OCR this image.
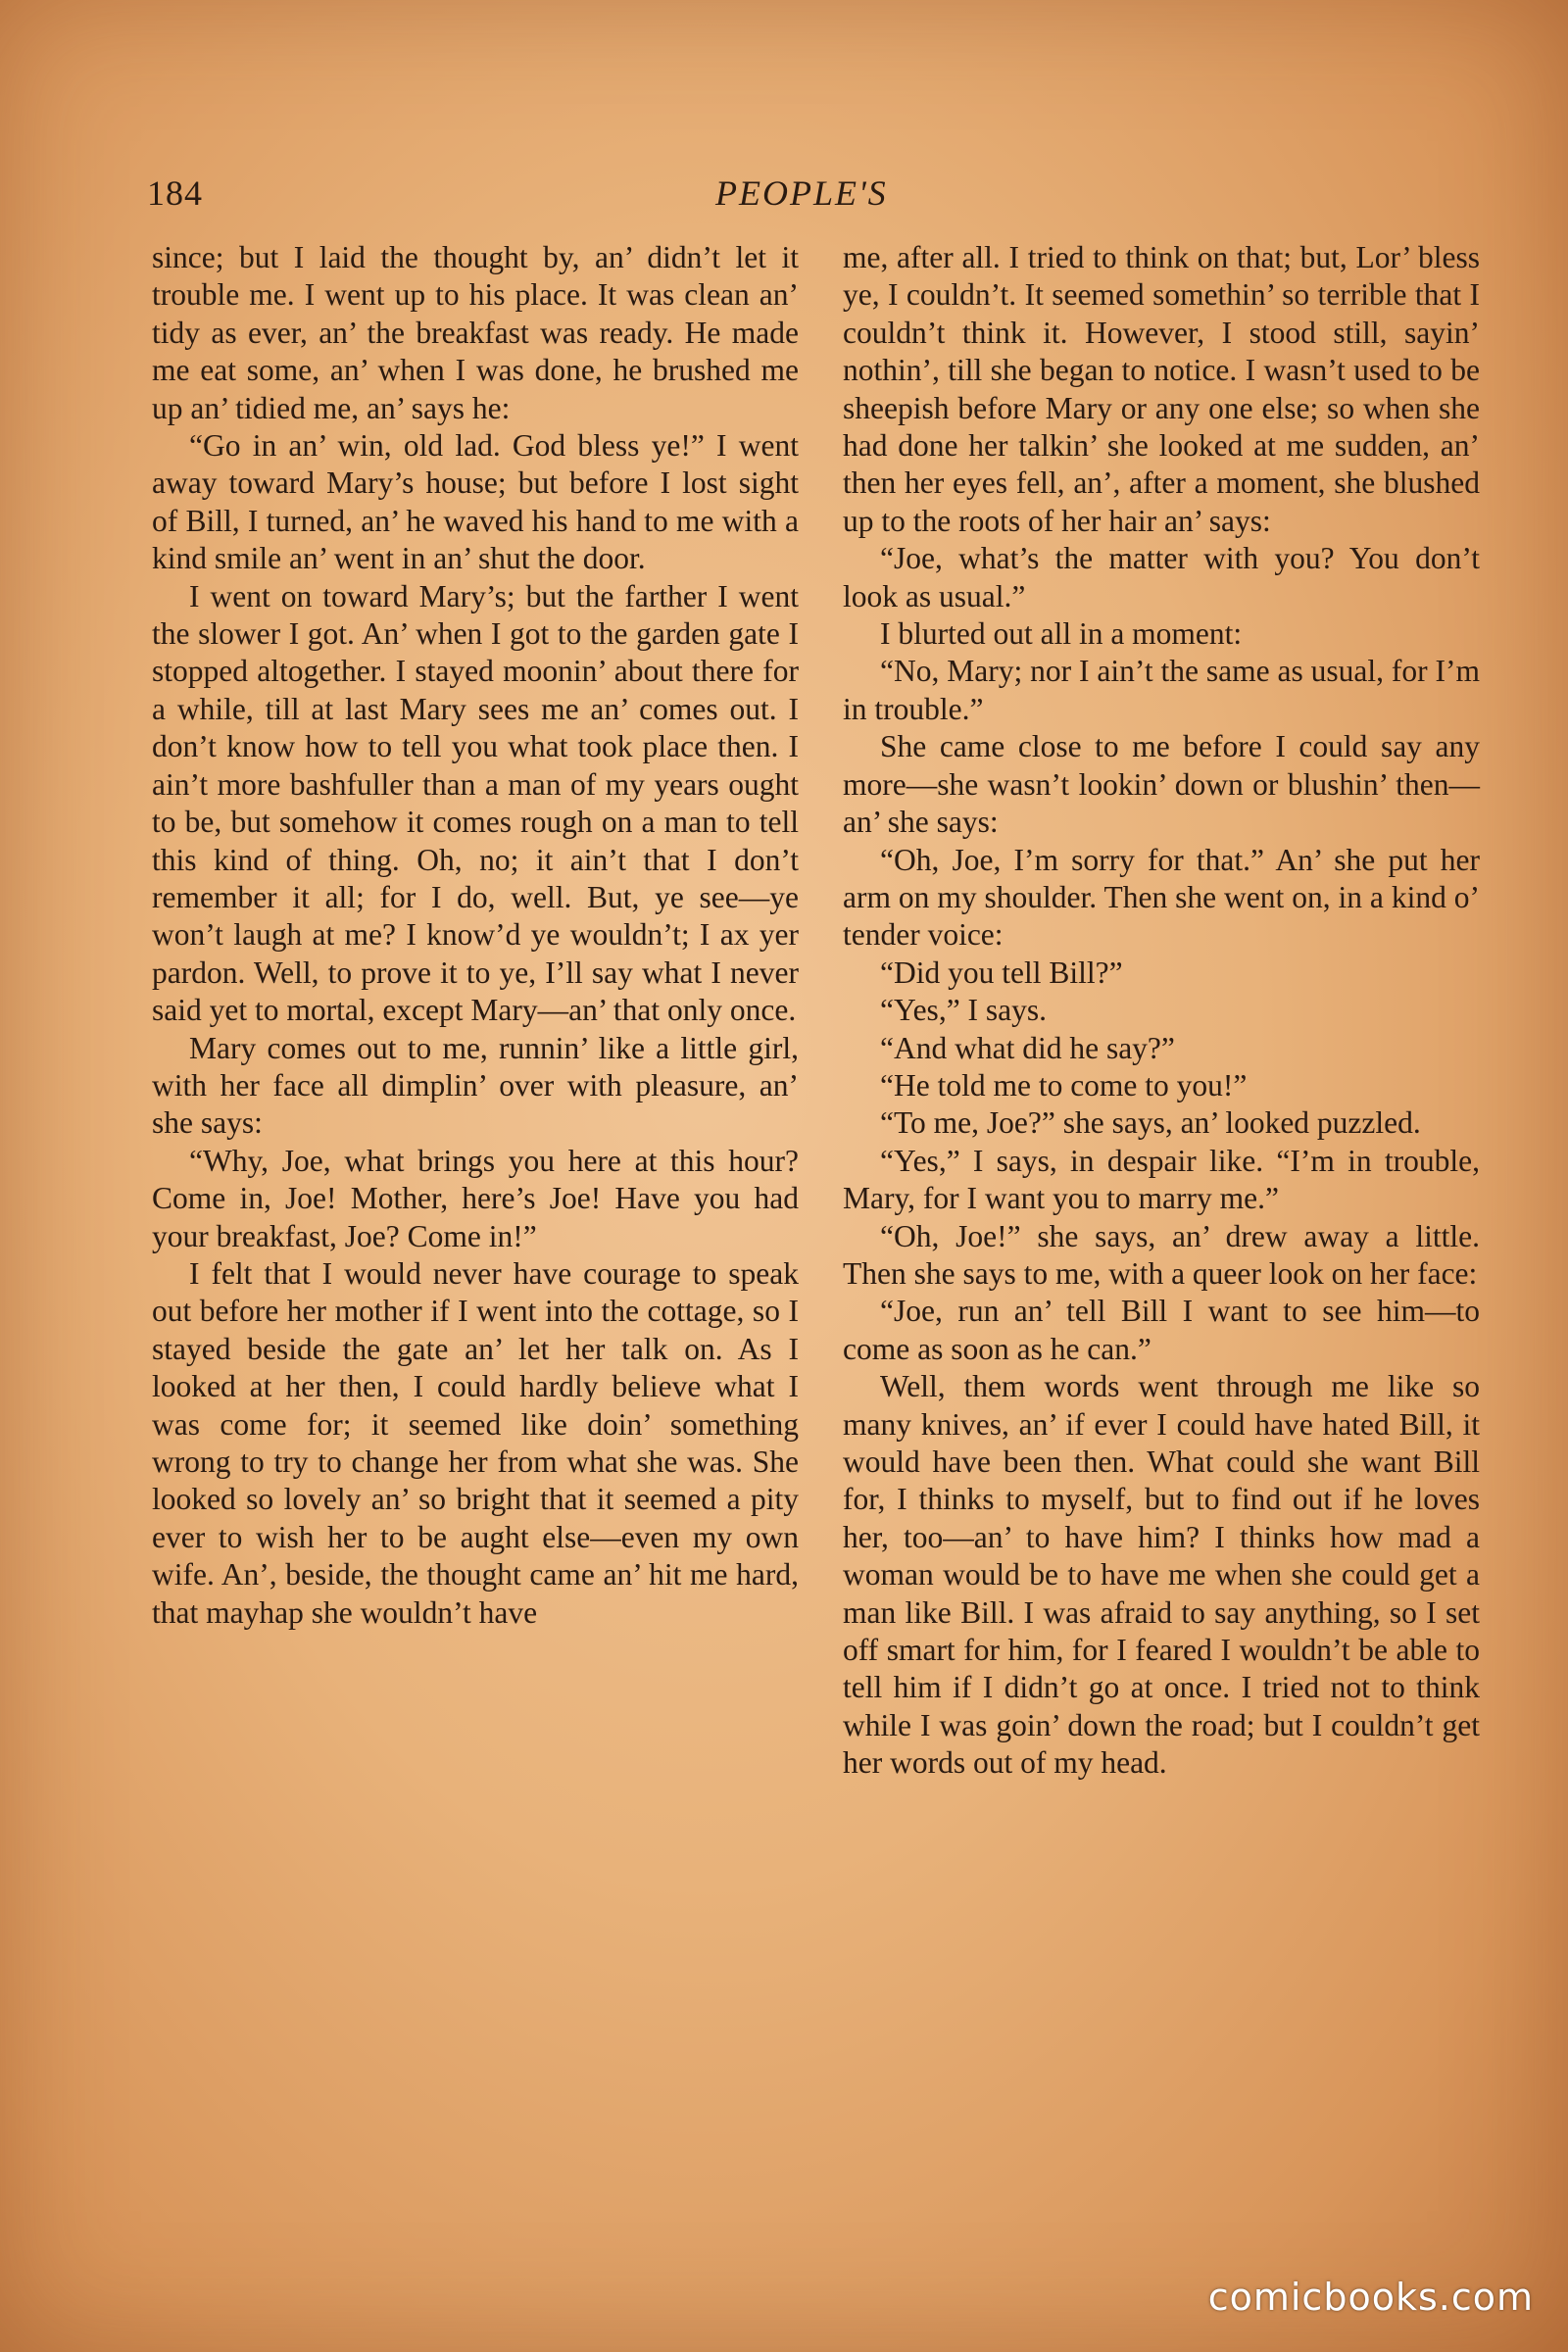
184	PEOPLE'S

since; but I laid the thought by, an’ didn’t let it trouble me. I went up to his place. It was clean an’ tidy as ever, an’ the breakfast was ready. He made me eat some, an’ when I was done, he brushed me up an’ tidied me, an’ says he:

“Go in an’ win, old lad. God bless ye!” I went away toward Mary’s house; but before I lost sight of Bill, I turned, an’ he waved his hand to me with a kind smile an’ went in an’ shut the door.

I went on toward Mary’s; but the farther I went the slower I got. An’ when I got to the garden gate I stopped altogether. I stayed moonin’ about there for a while, till at last Mary sees me an’ comes out. I don’t know how to tell you what took place then. I ain’t more bashfuller than a man of my years ought to be, but somehow it comes rough on a man to tell this kind of thing. Oh, no; it ain’t that I don’t remember it all; for I do, well. But, ye see—ye won’t laugh at me? I know’d ye wouldn’t; I ax yer pardon. Well, to prove it to ye, I’ll say what I never said yet to mortal, except Mary—an’ that only once.

Mary comes out to me, runnin’ like a little girl, with her face all dimplin’ over with pleasure, an’ she says:

“Why, Joe, what brings you here at this hour? Come in, Joe! Mother, here’s Joe! Have you had your breakfast, Joe? Come in!”

I felt that I would never have courage to speak out before her mother if I went into the cottage, so I stayed beside the gate an’ let her talk on. As I looked at her then, I could hardly believe what I was come for; it seemed like doin’ something wrong to try to change her from what she was. She looked so lovely an’ so bright that it seemed a pity ever to wish her to be aught else—even my own wife. An’, beside, the thought came an’ hit me hard, that mayhap she wouldn’t have

me, after all. I tried to think on that; but, Lor’ bless ye, I couldn’t. It seemed somethin’ so terrible that I couldn’t think it. However, I stood still, sayin’ nothin’, till she began to notice. I wasn’t used to be sheepish before Mary or any one else; so when she had done her talkin’ she looked at me sudden, an’ then her eyes fell, an’, after a moment, she blushed up to the roots of her hair an’ says:

“Joe, what’s the matter with you? You don’t look as usual.”

I blurted out all in a moment:

“No, Mary; nor I ain’t the same as usual, for I’m in trouble.”

She came close to me before I could say any more—she wasn’t lookin’ down or blushin’ then—an’ she says:

“Oh, Joe, I’m sorry for that.” An’ she put her arm on my shoulder. Then she went on, in a kind o’ tender voice:

“Did you tell Bill?”

“Yes,” I says.

“And what did he say?”

“He told me to come to you!”

“To me, Joe?” she says, an’ looked puzzled.

“Yes,” I says, in despair like. “I’m in trouble, Mary, for I want you to marry me.”

“Oh, Joe!” she says, an’ drew away a little. Then she says to me, with a queer look on her face:

“Joe, run an’ tell Bill I want to see him—to come as soon as he can.”

Well, them words went through me like so many knives, an’ if ever I could have hated Bill, it would have been then. What could she want Bill for, I thinks to myself, but to find out if he loves her, too—an’ to have him? I thinks how mad a woman would be to have me when she could get a man like Bill. I was afraid to say anything, so I set off smart for him, for I feared I wouldn’t be able to tell him if I didn’t go at once. I tried not to think while I was goin’ down the road; but I couldn’t get her words out of my head.

comicbooks.com
